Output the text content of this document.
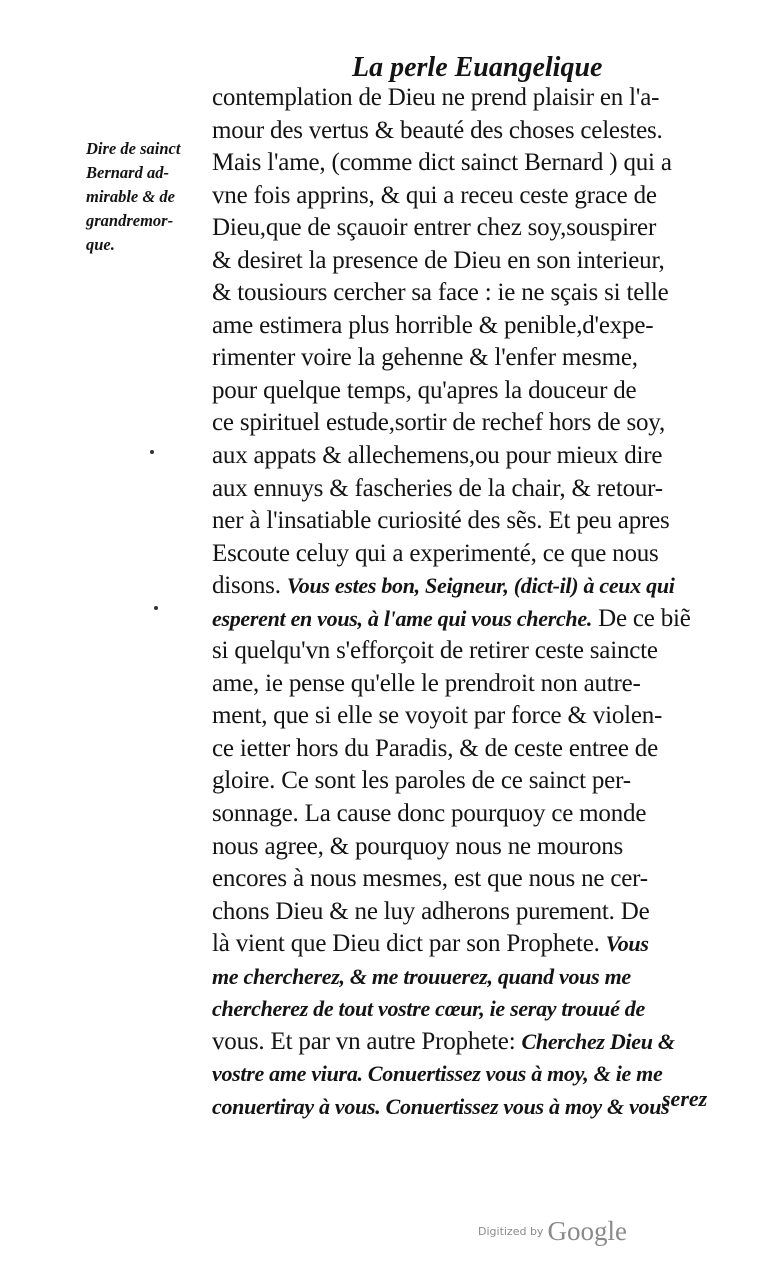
La perle Euangelique
Dire de sainct
Bernard ad-
mirable & de
grandremor-
que.
contemplation de Dieu ne prend plaisir en l'a-
mour des vertus & beauté des choses celestes.
Mais l'ame, (comme dict sainct Bernard ) qui a
vne fois apprins, & qui a receu ceste grace de
Dieu,que de sçauoir entrer chez soy,souspirer
& desiret la presence de Dieu en son interieur,
& tousiours cercher sa face : ie ne sçais si telle
ame estimera plus horrible & penible,d'expe-
rimenter voire la gehenne & l'enfer mesme,
pour quelque temps, qu'apres la douceur de
ce spirituel estude,sortir de rechef hors de soy,
aux appats & allechemens,ou pour mieux dire
aux ennuys & fascheries de la chair, & retour-
ner à l'insatiable curiosité des sẽs. Et peu apres
Escoute celuy qui a experimenté, ce que nous
disons. Vous estes bon, Seigneur, (dict-il) à ceux qui
esperent en vous, à l'ame qui vous cherche. De ce biẽ
si quelqu'vn s'efforçoit de retirer ceste saincte
ame, ie pense qu'elle le prendroit non autre-
ment, que si elle se voyoit par force & violen-
ce ietter hors du Paradis, & de ceste entree de
gloire. Ce sont les paroles de ce sainct per-
sonnage. La cause donc pourquoy ce monde
nous agree, & pourquoy nous ne mourons
encores à nous mesmes, est que nous ne cer-
chons Dieu & ne luy adherons purement. De
là vient que Dieu dict par son Prophete. Vous
me chercherez, & me trouuerez, quand vous me
chercherez de tout vostre cœur, ie seray trouué de
vous. Et par vn autre Prophete: Cherchez Dieu &
vostre ame viura. Conuertissez vous à moy, & ie me
conuertiray à vous. Conuertissez vous à moy & vous
serez
Digitized by Google
